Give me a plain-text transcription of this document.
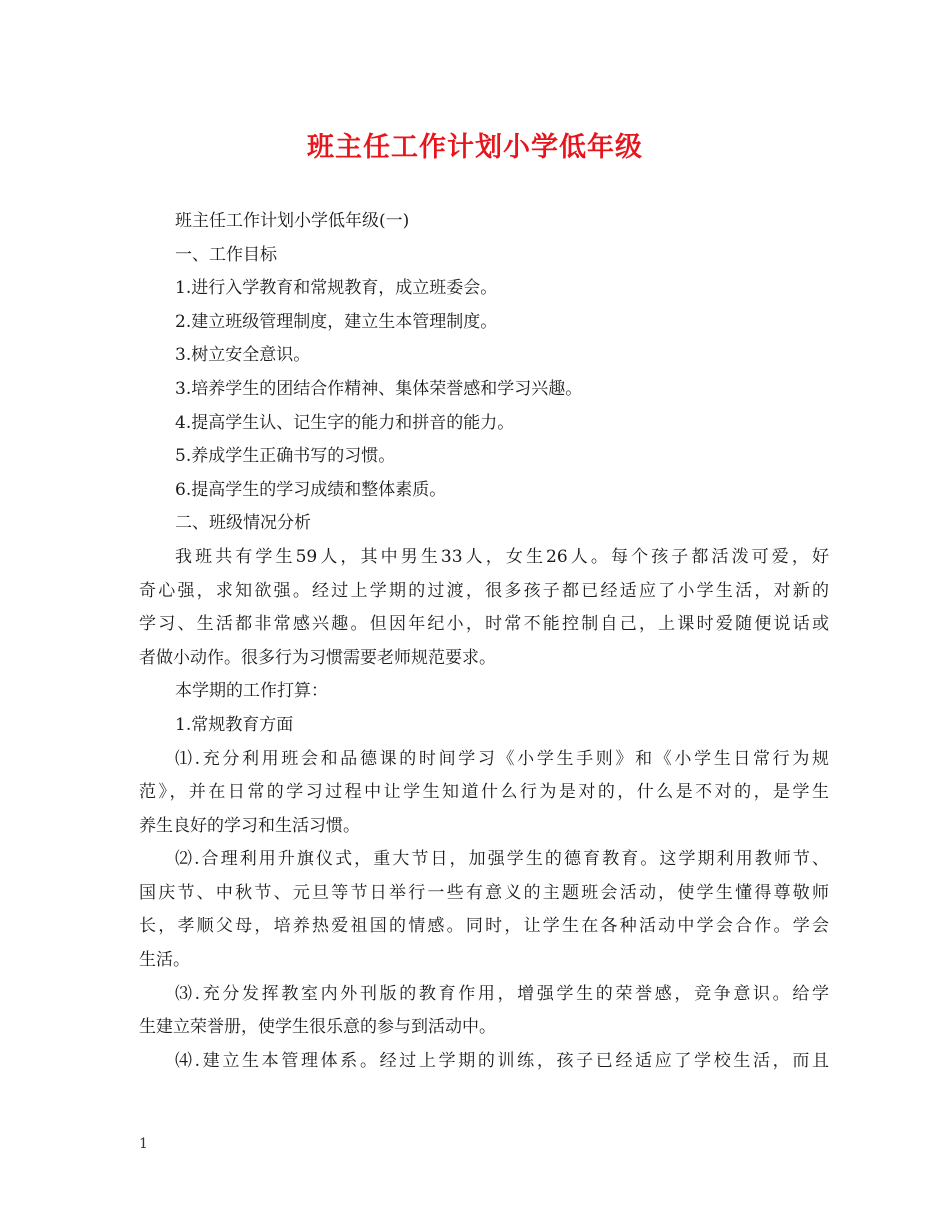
班主任工作计划小学低年级
班主任工作计划小学低年级(一)
一、工作目标
1.进行入学教育和常规教育，成立班委会。
2.建立班级管理制度，建立生本管理制度。
3.树立安全意识。
3.培养学生的团结合作精神、集体荣誉感和学习兴趣。
4.提高学生认、记生字的能力和拼音的能力。
5.养成学生正确书写的习惯。
6.提高学生的学习成绩和整体素质。
二、班级情况分析
我班共有学生59人，其中男生33人，女生26人。每个孩子都活泼可爱，好
奇心强，求知欲强。经过上学期的过渡，很多孩子都已经适应了小学生活，对新的
学习、生活都非常感兴趣。但因年纪小，时常不能控制自己，上课时爱随便说话或
者做小动作。很多行为习惯需要老师规范要求。
本学期的工作打算：
1.常规教育方面
⑴.充分利用班会和品德课的时间学习《小学生手则》和《小学生日常行为规
范》，并在日常的学习过程中让学生知道什么行为是对的，什么是不对的，是学生
养生良好的学习和生活习惯。
⑵.合理利用升旗仪式，重大节日，加强学生的德育教育。这学期利用教师节、
国庆节、中秋节、元旦等节日举行一些有意义的主题班会活动，使学生懂得尊敬师
长，孝顺父母，培养热爱祖国的情感。同时，让学生在各种活动中学会合作。学会
生活。
⑶.充分发挥教室内外刊版的教育作用，增强学生的荣誉感，竞争意识。给学
生建立荣誉册，使学生很乐意的参与到活动中。
⑷.建立生本管理体系。经过上学期的训练，孩子已经适应了学校生活，而且
1
